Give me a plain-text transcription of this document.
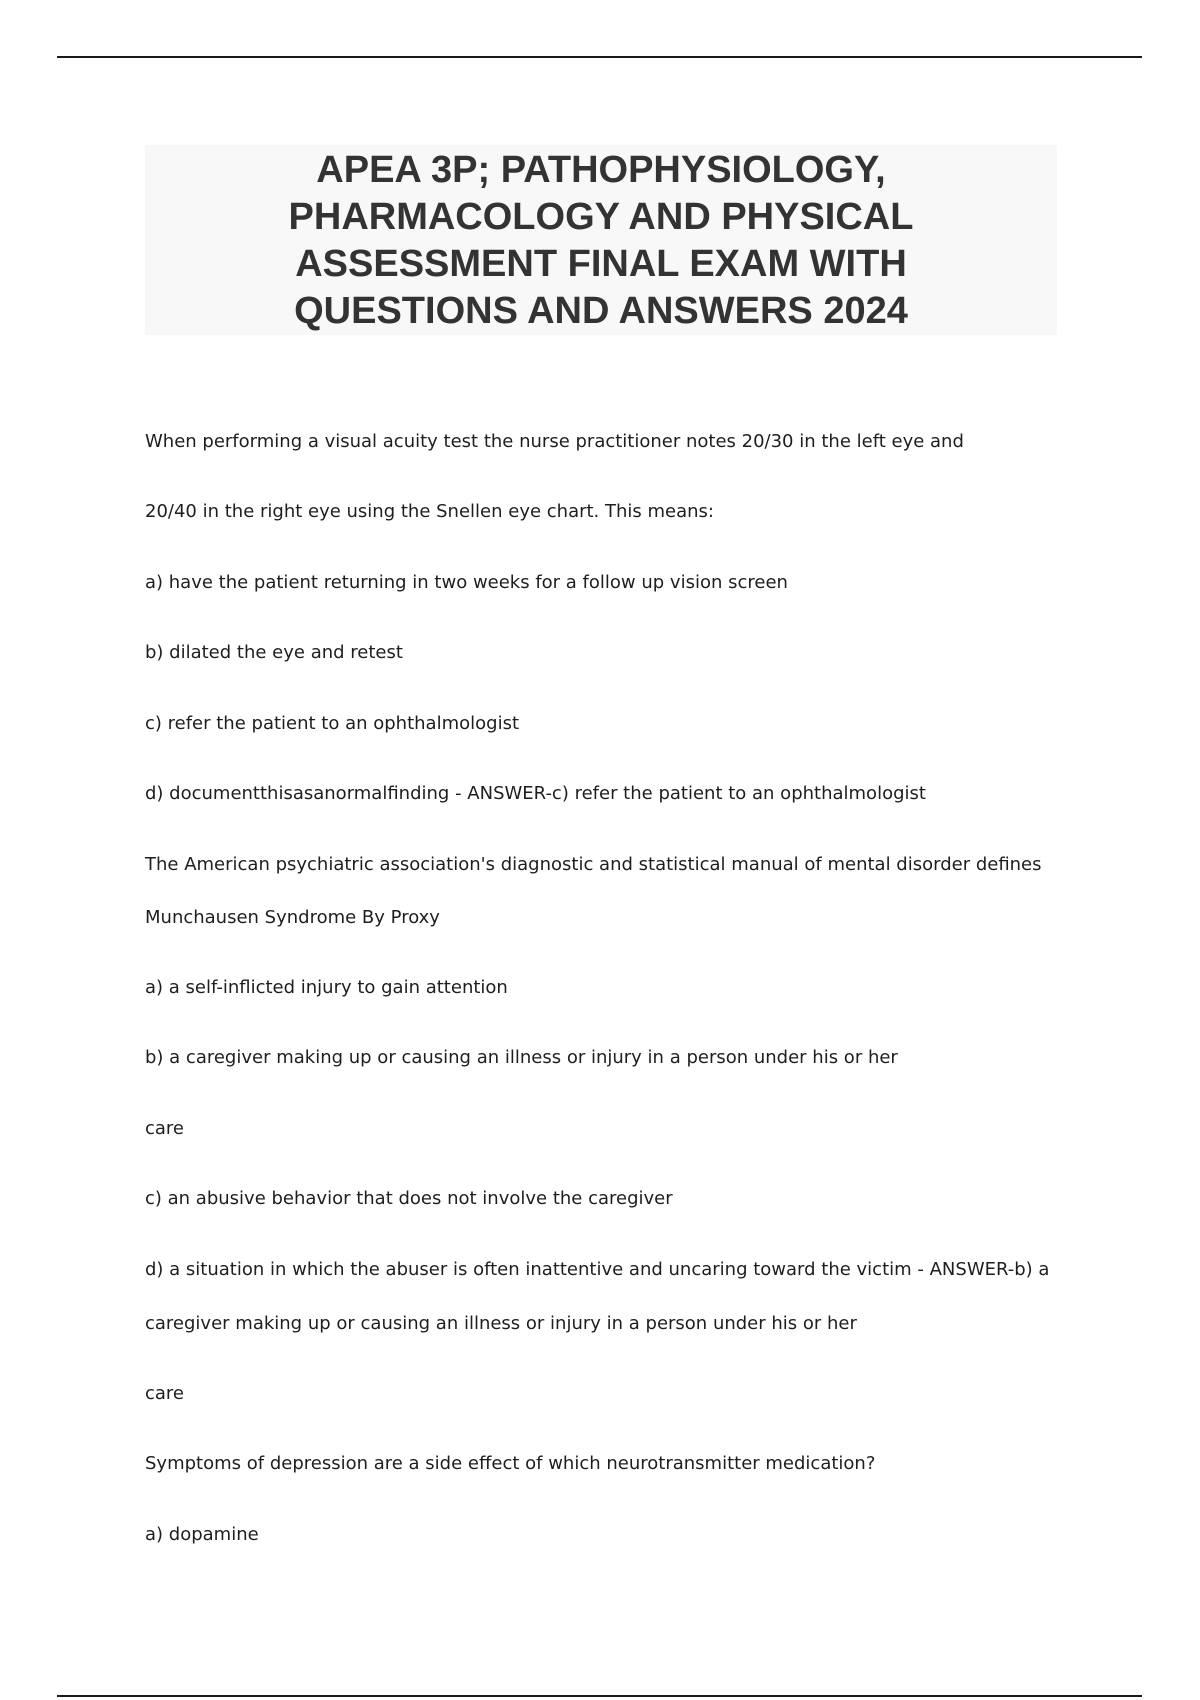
APEA 3P; PATHOPHYSIOLOGY,
PHARMACOLOGY AND PHYSICAL
ASSESSMENT FINAL EXAM WITH
QUESTIONS AND ANSWERS 2024
When performing a visual acuity test the nurse practitioner notes 20/30 in the left eye and
20/40 in the right eye using the Snellen eye chart. This means:
a) have the patient returning in two weeks for a follow up vision screen
b) dilated the eye and retest
c) refer the patient to an ophthalmologist
d) documentthisasanormalfinding - ANSWER-c) refer the patient to an ophthalmologist
The American psychiatric association's diagnostic and statistical manual of mental disorder defines
Munchausen Syndrome By Proxy
a) a self-inflicted injury to gain attention
b) a caregiver making up or causing an illness or injury in a person under his or her
care
c) an abusive behavior that does not involve the caregiver
d) a situation in which the abuser is often inattentive and uncaring toward the victim - ANSWER-b) a
caregiver making up or causing an illness or injury in a person under his or her
care
Symptoms of depression are a side effect of which neurotransmitter medication?
a) dopamine
